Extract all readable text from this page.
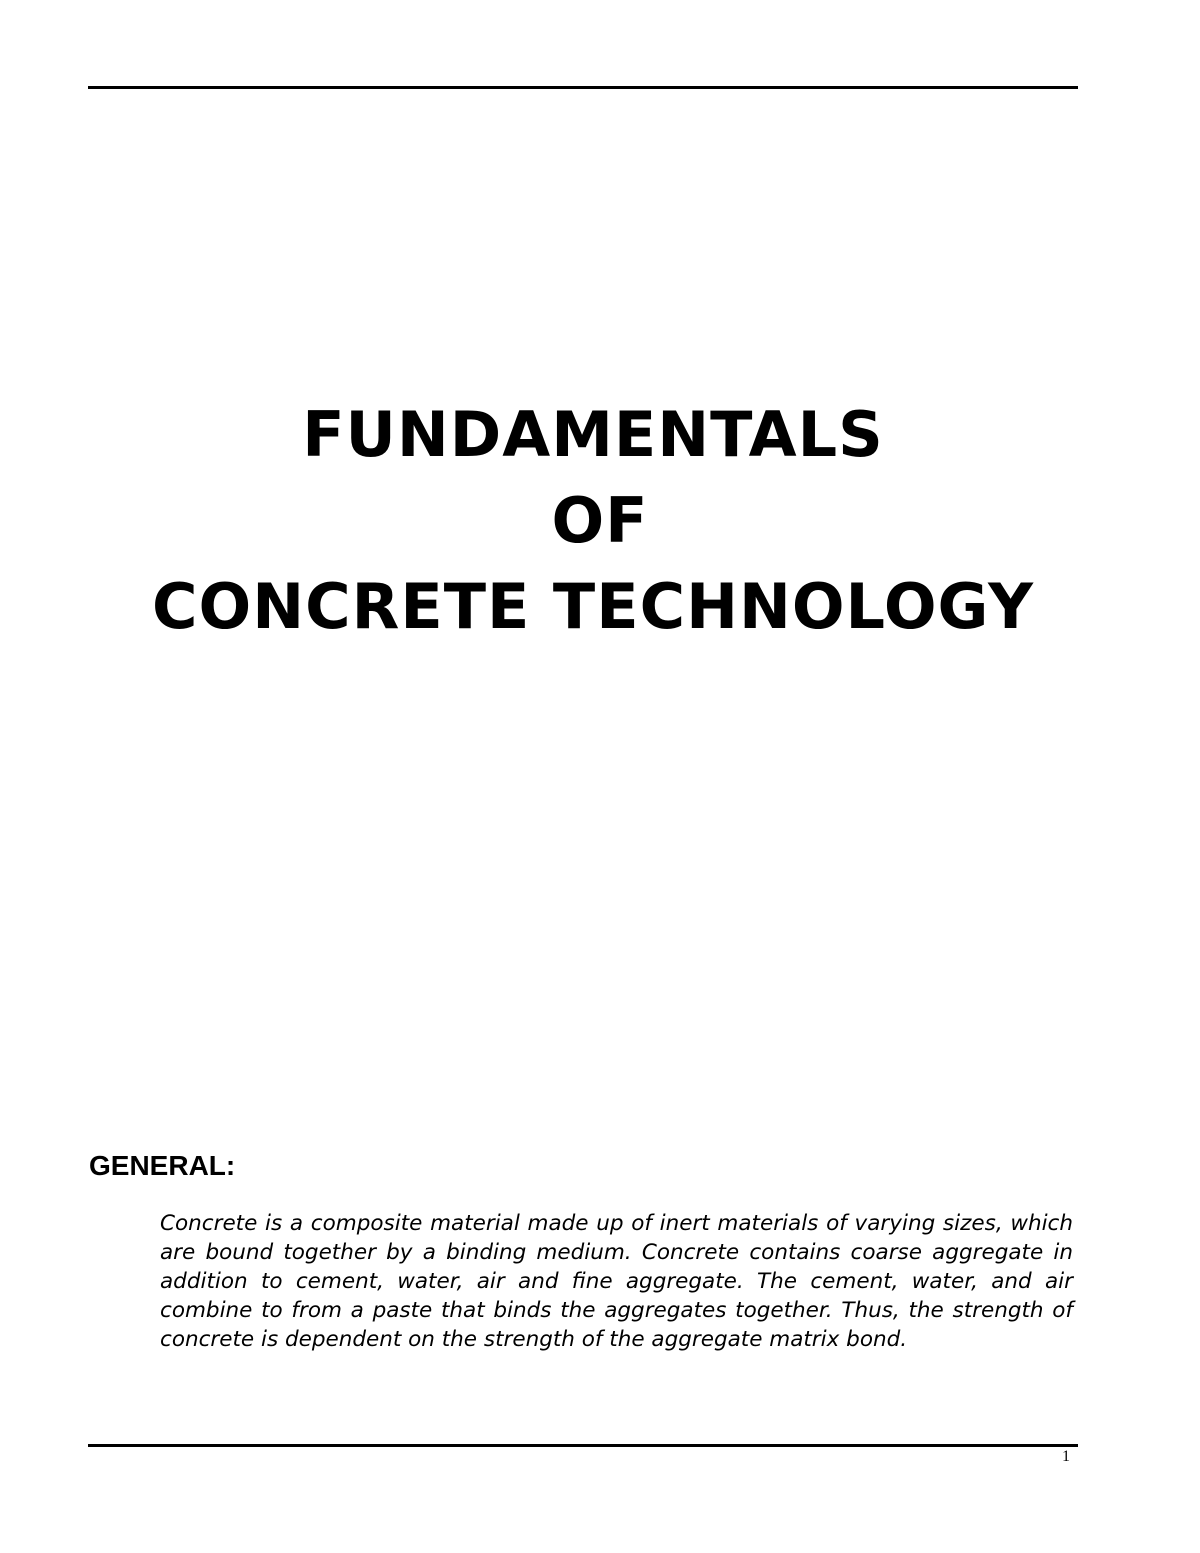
FUNDAMENTALS
OF
CONCRETE TECHNOLOGY
GENERAL:

Concrete is a composite material made up of inert materials of varying sizes, which are bound together by a binding medium. Concrete contains coarse aggregate in addition to cement, water, air and fine aggregate. The cement, water, and air combine to from a paste that binds the aggregates together. Thus, the strength of concrete is dependent on the strength of the aggregate matrix bond.

1
